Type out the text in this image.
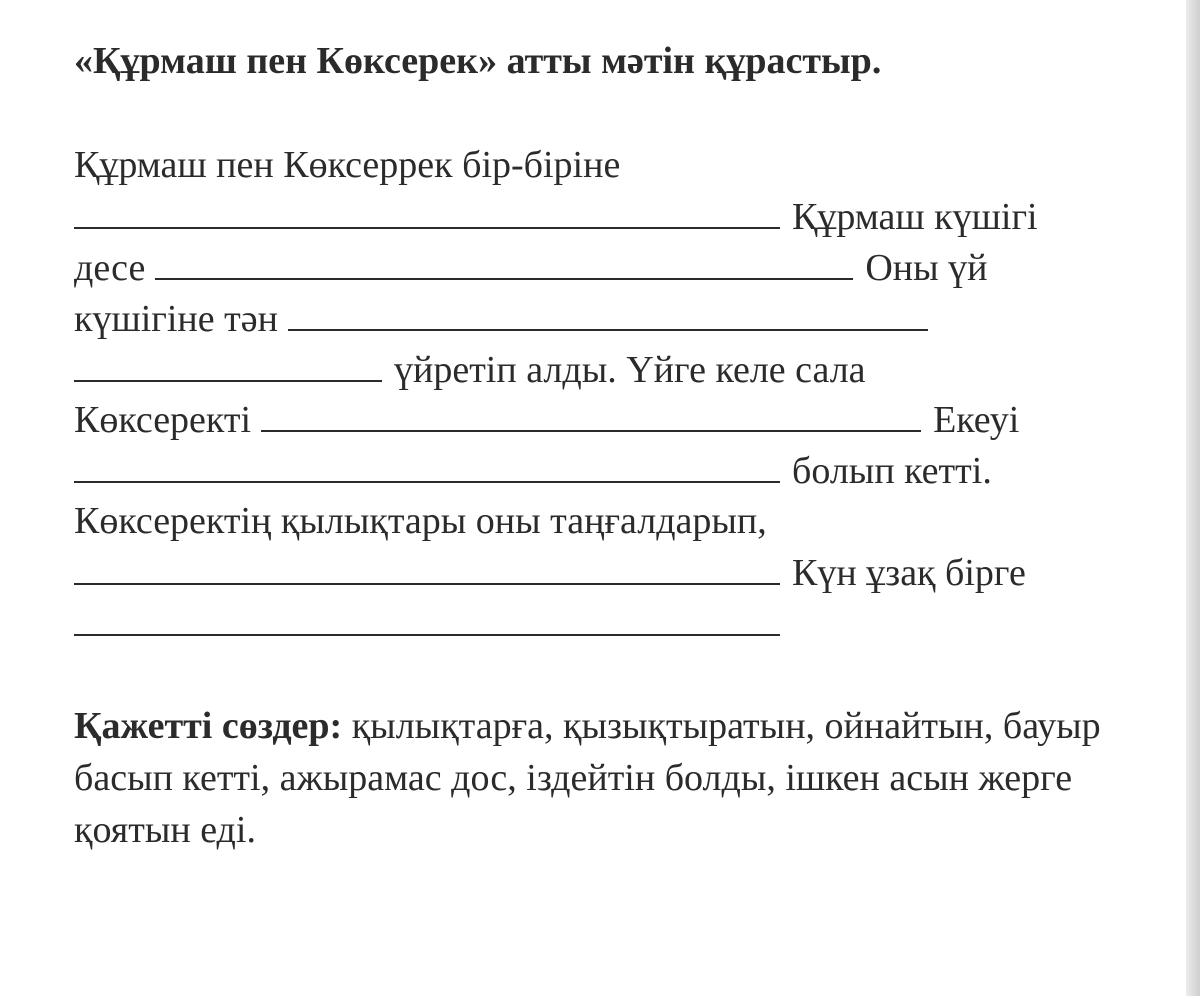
«Құрмаш пен Көксерек» атты мәтін құрастыр.
Құрмаш пен Көксеррек бір-біріне
Құрмаш күшігі
десе	Оны үй
күшігіне тән
үйретіп алды. Үйге келе сала
Көксеректі	Екеуі
болып кетті.
Көксеректің қылықтары оны таңғалдарып,
Күн ұзақ бірге
Қажетті сөздер: қылықтарға, қызықтыратын, ойнайтын, бауыр басып кетті, ажырамас дос, іздейтін болды, ішкен асын жерге қоятын еді.
